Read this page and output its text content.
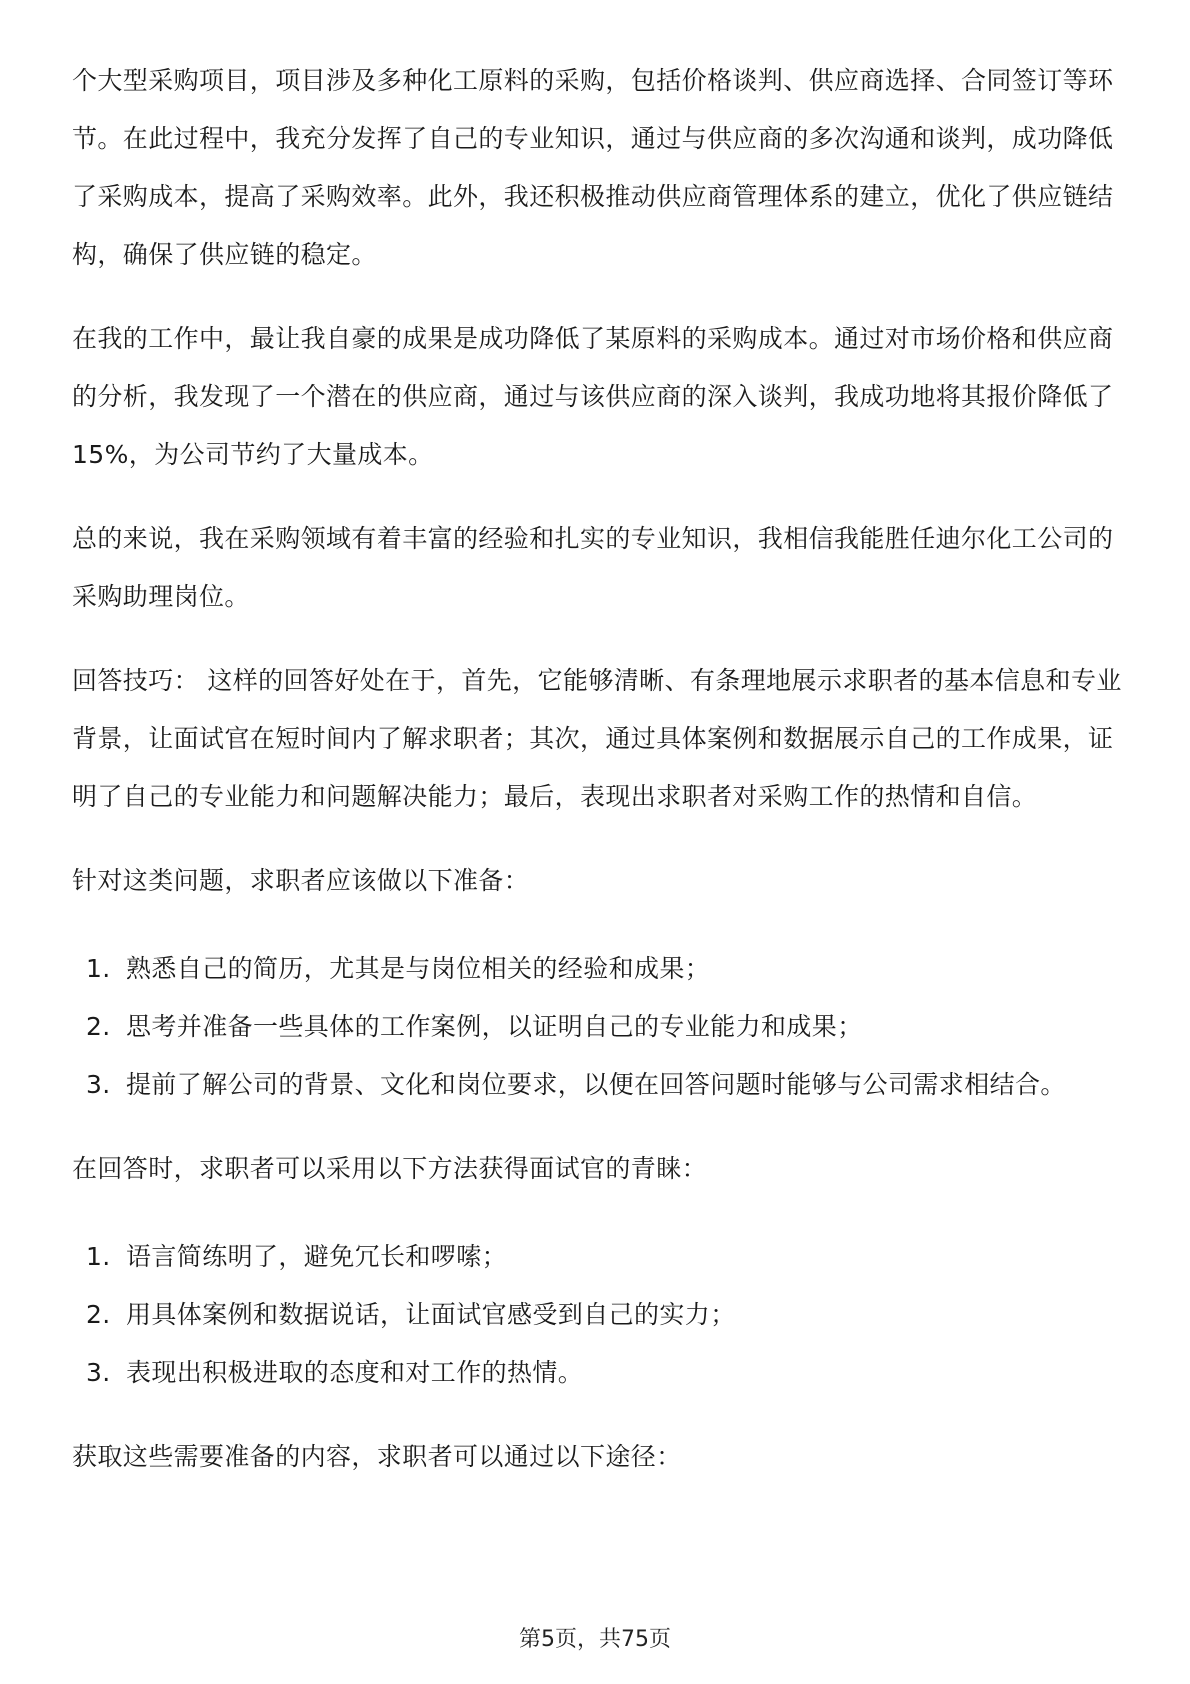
个大型采购项目，项目涉及多种化工原料的采购，包括价格谈判、供应商选择、合同签订等环节。在此过程中，我充分发挥了自己的专业知识，通过与供应商的多次沟通和谈判，成功降低了采购成本，提高了采购效率。此外，我还积极推动供应商管理体系的建立，优化了供应链结构，确保了供应链的稳定。

在我的工作中，最让我自豪的成果是成功降低了某原料的采购成本。通过对市场价格和供应商的分析，我发现了一个潜在的供应商，通过与该供应商的深入谈判，我成功地将其报价降低了15%，为公司节约了大量成本。

总的来说，我在采购领域有着丰富的经验和扎实的专业知识，我相信我能胜任迪尔化工公司的采购助理岗位。

回答技巧： 这样的回答好处在于，首先，它能够清晰、有条理地展示求职者的基本信息和专业背景，让面试官在短时间内了解求职者；其次，通过具体案例和数据展示自己的工作成果，证明了自己的专业能力和问题解决能力；最后，表现出求职者对采购工作的热情和自信。

针对这类问题，求职者应该做以下准备：

1. 熟悉自己的简历，尤其是与岗位相关的经验和成果；
2. 思考并准备一些具体的工作案例，以证明自己的专业能力和成果；
3. 提前了解公司的背景、文化和岗位要求，以便在回答问题时能够与公司需求相结合。

在回答时，求职者可以采用以下方法获得面试官的青睐：

1. 语言简练明了，避免冗长和啰嗦；
2. 用具体案例和数据说话，让面试官感受到自己的实力；
3. 表现出积极进取的态度和对工作的热情。

获取这些需要准备的内容，求职者可以通过以下途径：

第5页，共75页
